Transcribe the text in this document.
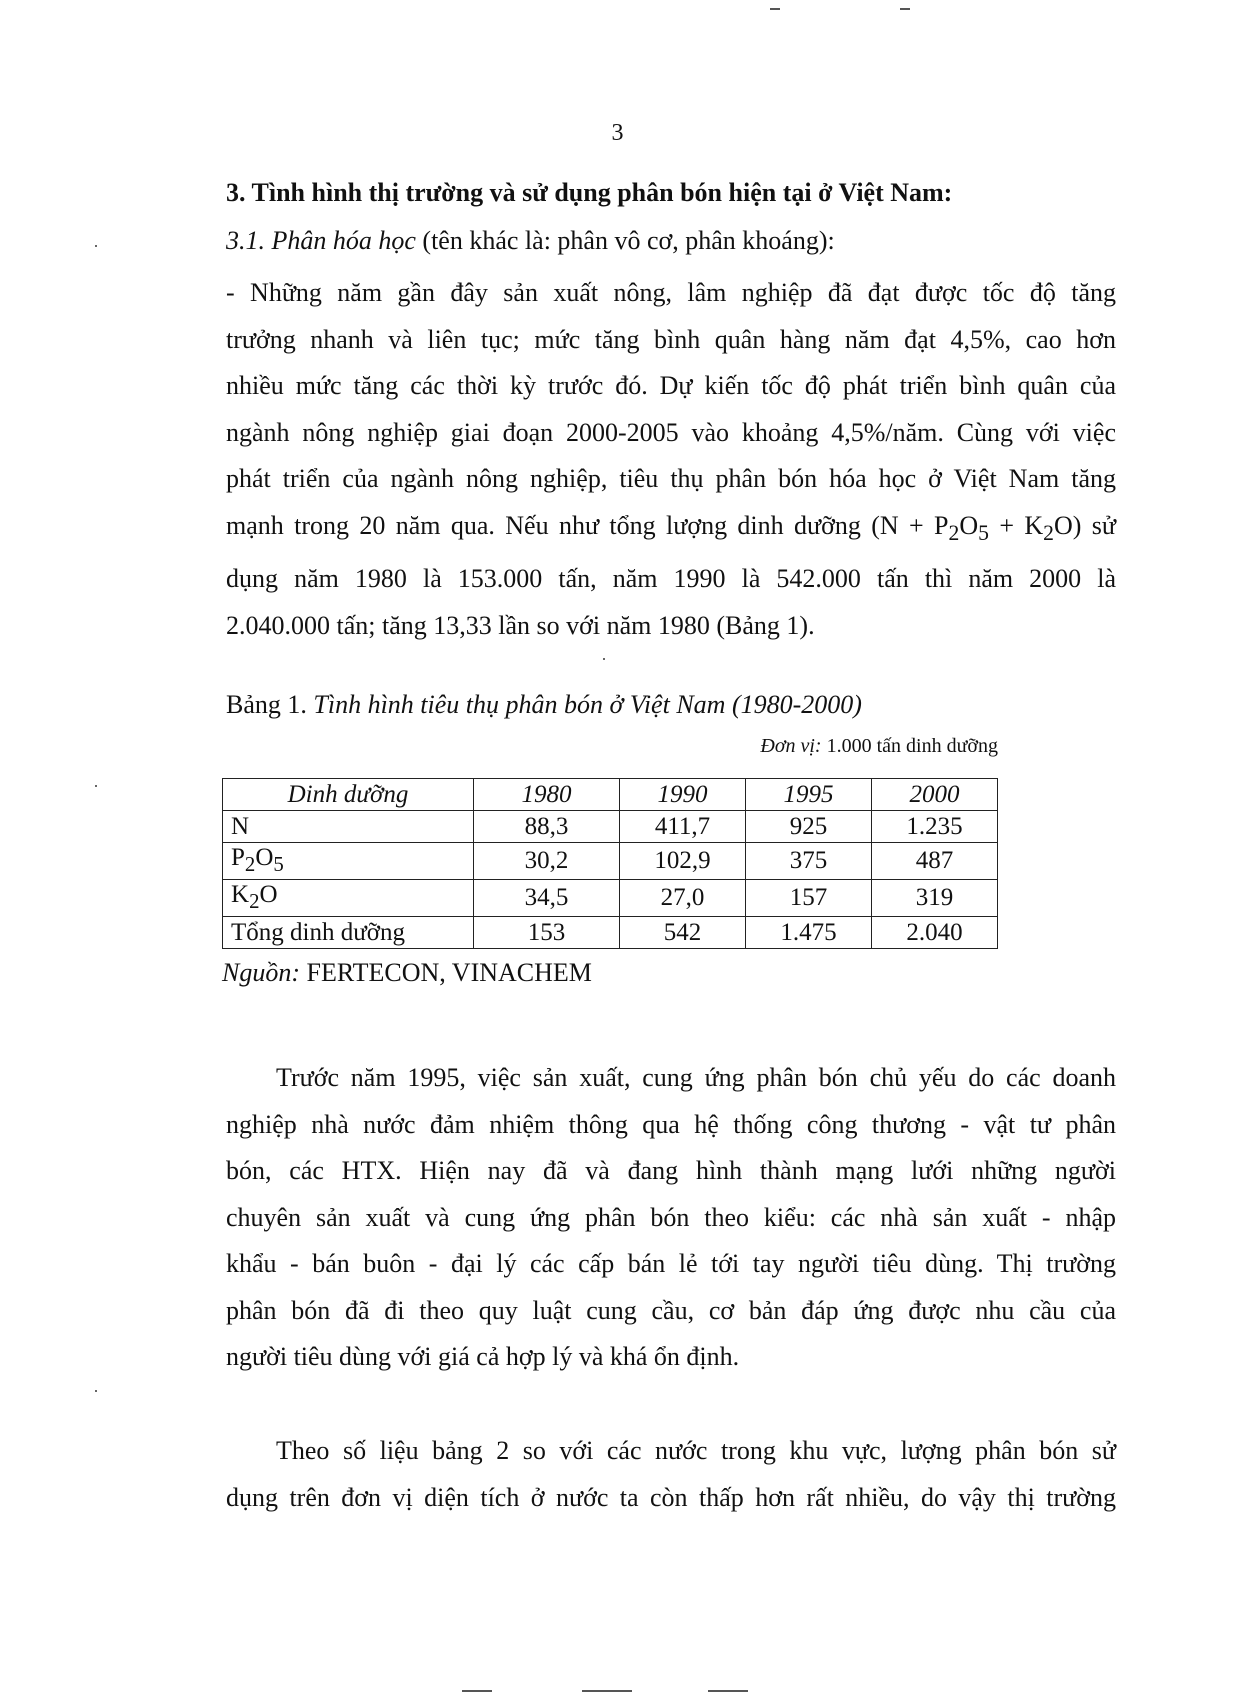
3
3. Tình hình thị trường và sử dụng phân bón hiện tại ở Việt Nam:
3.1. Phân hóa học (tên khác là: phân vô cơ, phân khoáng):
- Những năm gần đây sản xuất nông, lâm nghiệp đã đạt được tốc độ tăng
trưởng nhanh và liên tục; mức tăng bình quân hàng năm đạt 4,5%, cao hơn
nhiều mức tăng các thời kỳ trước đó. Dự kiến tốc độ phát triển bình quân của
ngành nông nghiệp giai đoạn 2000-2005 vào khoảng 4,5%/năm. Cùng với việc
phát triển của ngành nông nghiệp, tiêu thụ phân bón hóa học ở Việt Nam tăng
mạnh trong 20 năm qua. Nếu như tổng lượng dinh dưỡng $(N + P_2O_5 + K_2O)$ sử
dụng năm 1980 là 153.000 tấn, năm 1990 là 542.000 tấn thì năm 2000 là
2.040.000 tấn; tăng 13,33 lần so với năm 1980 (Bảng 1).
Bảng 1. Tình hình tiêu thụ phân bón ở Việt Nam (1980-2000)
Đơn vị: 1.000 tấn dinh dưỡng
Dinh dưỡng	1980	1990	1995	2000
N	88,3	411,7	925	1.235
$P_2O_5$	30,2	102,9	375	487
$K_2O$	34,5	27,0	157	319
Tổng dinh dưỡng	153	542	1.475	2.040
Nguồn: FERTECON, VINACHEM
Trước năm 1995, việc sản xuất, cung ứng phân bón chủ yếu do các doanh
nghiệp nhà nước đảm nhiệm thông qua hệ thống công thương - vật tư phân
bón, các HTX. Hiện nay đã và đang hình thành mạng lưới những người
chuyên sản xuất và cung ứng phân bón theo kiểu: các nhà sản xuất - nhập
khẩu - bán buôn - đại lý các cấp bán lẻ tới tay người tiêu dùng. Thị trường
phân bón đã đi theo quy luật cung cầu, cơ bản đáp ứng được nhu cầu của
người tiêu dùng với giá cả hợp lý và khá ổn định.
Theo số liệu bảng 2 so với các nước trong khu vực, lượng phân bón sử
dụng trên đơn vị diện tích ở nước ta còn thấp hơn rất nhiều, do vậy thị trường
